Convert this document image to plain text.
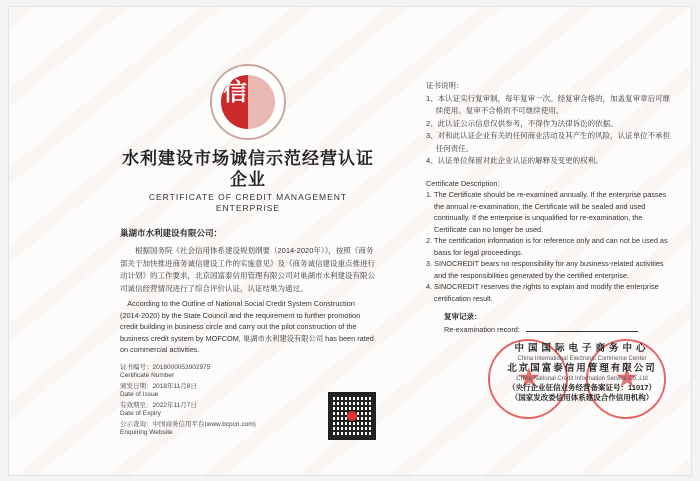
信
水利建设市场诚信示范经营认证企业
CERTIFICATE OF CREDIT MANAGEMENT ENTERPRISE
巢湖市水利建设有限公司：
根据国务院《社会信用体系建设规划纲要（2014-2020年）》，按照《商务部关于加快推进商务诚信建设工作的实施意见》及《商务诚信建设重点推进行动计划》的工作要求，北京国富泰信用管理有限公司对巢湖市水利建设有限公司诚信经营情况进行了综合评价认证，认证结果为通过。
According to the Outline of National Social Credit System Construction (2014-2020) by the State Council and the requirement to further promotion credit building in business circle and carry out the pilot construction of the business credit system by MOFCOM, 巢湖市水利建设有限公司 has been rated on commercial activities.
证书编号：2018000053902975
Certificate Number
颁发日期：2018年11月8日
Date of Issue
有效期至：2022年11月7日
Date of Expiry
公示查询：中国商务信用平台(www.bcpcn.com)
Enquiring Website
证书说明：
1、本认证实行复审制，每年复审一次。经复审合格的，加盖复审章后可继续使用。复审不合格的不可继续使用。
2、此认证公示信息仅供参考，不得作为法律诉讼的依据。
3、对和此认证企业有关的任何商业活动及其产生的风险，认证单位不承担任何责任。
4、认证单位保留对此企业认证的解释及变更的权利。
Certificate Description:
1. The Certificate should be re-examined annually. If the enterprise passes the annual re-examination, the Certificate will be sealed and used continually. If the enterprise is unqualified for re-examination, the Certificate can no longer be used.
2. The certification information is for reference only and can not be used as basis for legal proceedings.
3. SINOCREDIT bears no responsibility for any business-related activities and the responsibilities generated by the certified enterprise.
4. SINOCREDIT reserves the rights to explain and modify the enterprise certification result.
复审记录：
Re-examination record:
中国国际电子商务中心
China International Electronic Commerce Center
北京国富泰信用管理有限公司
China National Credit Information Service Co.,Ltd
（央行企业征信业务经营备案证号：11017）
（国家发改委信用体系建设合作信用机构）
